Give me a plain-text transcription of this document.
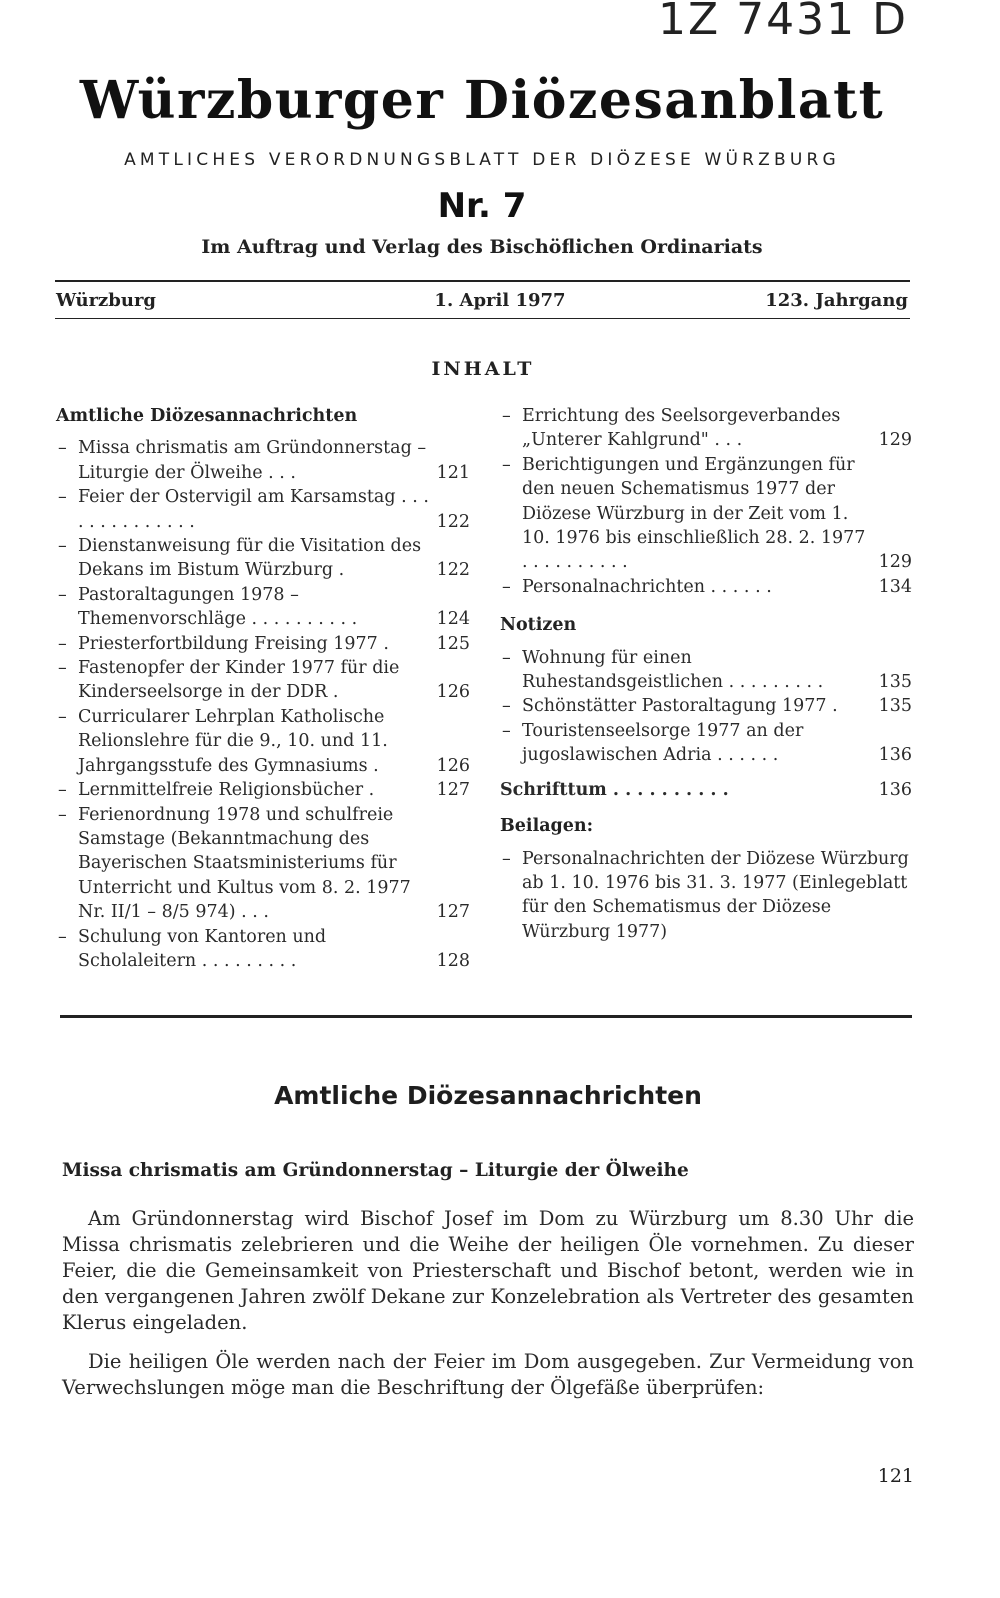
1Z 7431 D
Würzburger Diözesanblatt
AMTLICHES VERORDNUNGSBLATT DER DIÖZESE WÜRZBURG
Nr. 7
Im Auftrag und Verlag des Bischöflichen Ordinariats
Würzburg	1. April 1977	123. Jahrgang
INHALT
Amtliche Diözesannachrichten
– Missa chrismatis am Gründonnerstag – Liturgie der Ölweihe . . .	121
– Feier der Ostervigil am Karsamstag . . . . . . . . . . . . . .	122
– Dienstanweisung für die Visitation des Dekans im Bistum Würzburg .	122
– Pastoraltagungen 1978 – Themenvorschläge . . . . . . . . . .	124
– Priesterfortbildung Freising 1977 .	125
– Fastenopfer der Kinder 1977 für die Kinderseelsorge in der DDR .	126
– Curricularer Lehrplan Katholische Relionslehre für die 9., 10. und 11. Jahrgangsstufe des Gymnasiums .	126
– Lernmittelfreie Religionsbücher .	127
– Ferienordnung 1978 und schulfreie Samstage (Bekanntmachung des Bayerischen Staatsministeriums für Unterricht und Kultus vom 8. 2. 1977 Nr. II/1 – 8/5 974) . . .	127
– Schulung von Kantoren und Scholaleitern . . . . . . . . .	128
– Errichtung des Seelsorgeverbandes „Unterer Kahlgrund" . . .	129
– Berichtigungen und Ergänzungen für den neuen Schematismus 1977 der Diözese Würzburg in der Zeit vom 1. 10. 1976 bis einschließlich 28. 2. 1977 . . . . . . . . . .	129
– Personalnachrichten . . . . . .	134
Notizen
– Wohnung für einen Ruhestandsgeistlichen . . . . . . . . .	135
– Schönstätter Pastoraltagung 1977 . 135
– Touristenseelsorge 1977 an der jugoslawischen Adria . . . . . .	136
Schrifttum . . . . . . . . . .	136
Beilagen:
– Personalnachrichten der Diözese Würzburg ab 1. 10. 1976 bis 31. 3. 1977 (Einlegeblatt für den Schematismus der Diözese Würzburg 1977)
Amtliche Diözesannachrichten
Missa chrismatis am Gründonnerstag – Liturgie der Ölweihe

Am Gründonnerstag wird Bischof Josef im Dom zu Würzburg um 8.30 Uhr die Missa chrismatis zelebrieren und die Weihe der heiligen Öle vornehmen. Zu dieser Feier, die die Gemeinsamkeit von Priesterschaft und Bischof betont, werden wie in den vergangenen Jahren zwölf Dekane zur Konzelebration als Vertreter des gesamten Klerus eingeladen.

Die heiligen Öle werden nach der Feier im Dom ausgegeben. Zur Vermeidung von Verwechslungen möge man die Beschriftung der Ölgefäße überprüfen:

121
